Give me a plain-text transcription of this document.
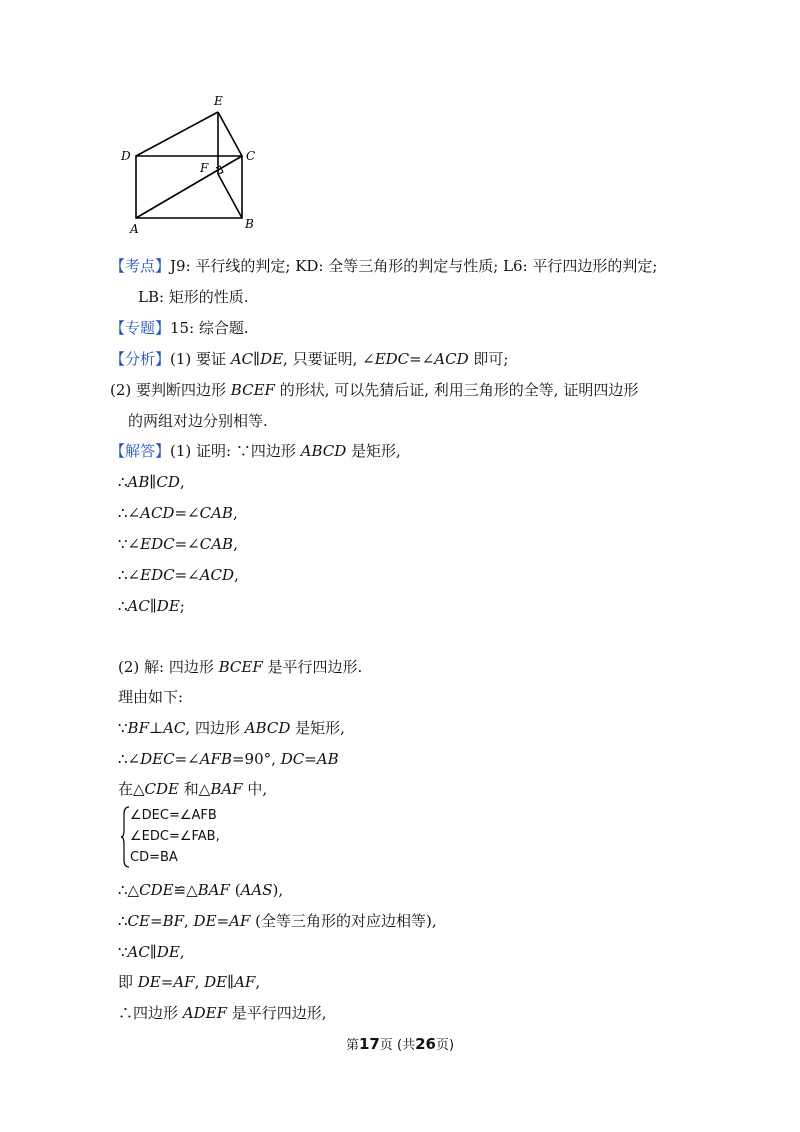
E
D	C
F
A	B
【考点】J9: 平行线的判定; KD: 全等三角形的判定与性质; L6: 平行四边形的判定;
LB: 矩形的性质.
【专题】15: 综合题.
【分析】(1) 要证 AC∥DE, 只要证明, ∠EDC=∠ACD 即可;
(2) 要判断四边形 BCEF 的形状, 可以先猜后证, 利用三角形的全等, 证明四边形
的两组对边分别相等.
【解答】(1) 证明: ∵四边形 ABCD 是矩形,
∴AB∥CD,
∴∠ACD=∠CAB,
∵∠EDC=∠CAB,
∴∠EDC=∠ACD,
∴AC∥DE;
(2) 解: 四边形 BCEF 是平行四边形.
理由如下:
∵BF⊥AC, 四边形 ABCD 是矩形,
∴∠DEC=∠AFB=90°, DC=AB
在△CDE 和△BAF 中,
∴△CDE≌△BAF (AAS),
∴CE=BF, DE=AF (全等三角形的对应边相等),
∵AC∥DE,
即 DE=AF, DE∥AF,
∴四边形 ADEF 是平行四边形,
∠DEC=∠AFB
∠EDC=∠FAB,
CD=BA
第17页 (共26页)
